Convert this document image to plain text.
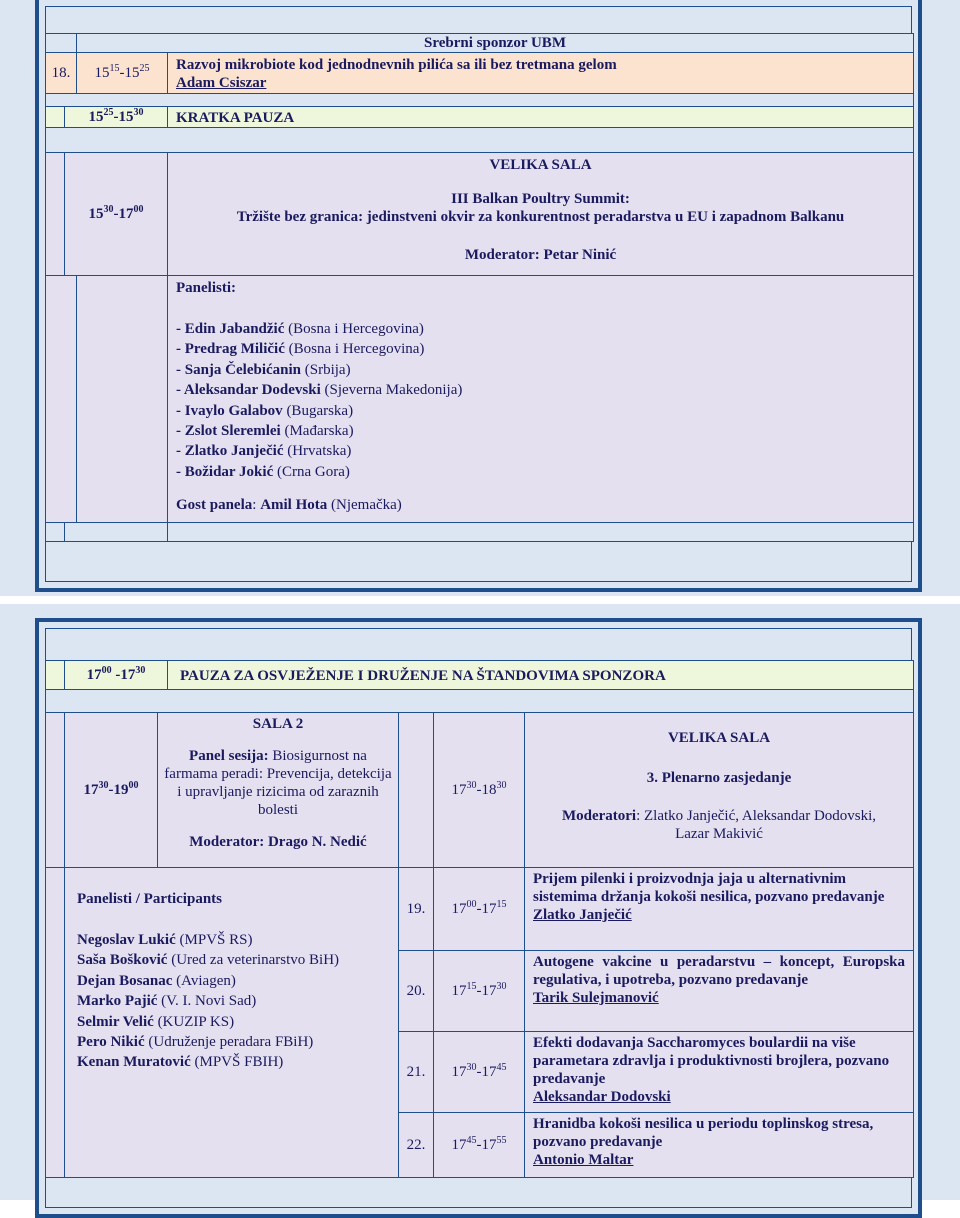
Srebrni sponzor UBM
18. $15^{15}-15^{25}$ Razvoj mikrobiote kod jednodnevnih pilića sa ili bez tretmana gelom
Adam Csiszar
$15^{25}-15^{30}$	KRATKA PAUZA
$15^{30}-17^{00}$
VELIKA SALA
III Balkan Poultry Summit:
Tržište bez granica: jedinstveni okvir za konkurentnost peradarstva u EU i zapadnom Balkanu
Moderator: Petar Ninić
Panelisti:
- Edin Jabandžić (Bosna i Hercegovina)
- Predrag Miličić (Bosna i Hercegovina)
- Sanja Čelebićanin (Srbija)
- Aleksandar Dodevski (Sjeverna Makedonija)
- Ivaylo Galabov (Bugarska)
- Zslot Sleremlei (Mađarska)
- Zlatko Janječić (Hrvatska)
- Božidar Jokić (Crna Gora)
Gost panela: Amil Hota (Njemačka)
$17^{00}$ $-17^{30}$	PAUZA ZA OSVJEŽENJE I DRUŽENJE NA ŠTANDOVIMA SPONZORA
$17^{30}-19^{00}$
SALA 2
Panel sesija: Biosigurnost na farmama peradi: Prevencija, detekcija i upravljanje rizicima od zaraznih bolesti
Moderator: Drago N. Nedić
$17^{30}-18^{30}$
VELIKA SALA
3. Plenarno zasjedanje
Moderatori: Zlatko Janječić, Aleksandar Dodovski, Lazar Makivić
Panelisti / Participants
Negoslav Lukić (MPVŠ RS)
Saša Bošković (Ured za veterinarstvo BiH)
Dejan Bosanac (Aviagen)
Marko Pajić (V. I. Novi Sad)
Selmir Velić (KUZIP KS)
Pero Nikić (Udruženje peradara FBiH)
Kenan Muratović (MPVŠ FBIH)
19. $17^{00}-17^{15}$
Prijem pilenki i proizvodnja jaja u alternativnim sistemima držanja kokoši nesilica, pozvano predavanje
Zlatko Janječić
20. $17^{15}-17^{30}$
Autogene vakcine u peradarstvu – koncept, Europska regulativa, i upotreba, pozvano predavanje
Tarik Sulejmanović
21. $17^{30}-17^{45}$
Efekti dodavanja Saccharomyces boulardii na više parametara zdravlja i produktivnosti brojlera, pozvano predavanje
Aleksandar Dodovski
22. $17^{45}-17^{55}$
Hranidba kokoši nesilica u periodu toplinskog stresa, pozvano predavanje
Antonio Maltar
